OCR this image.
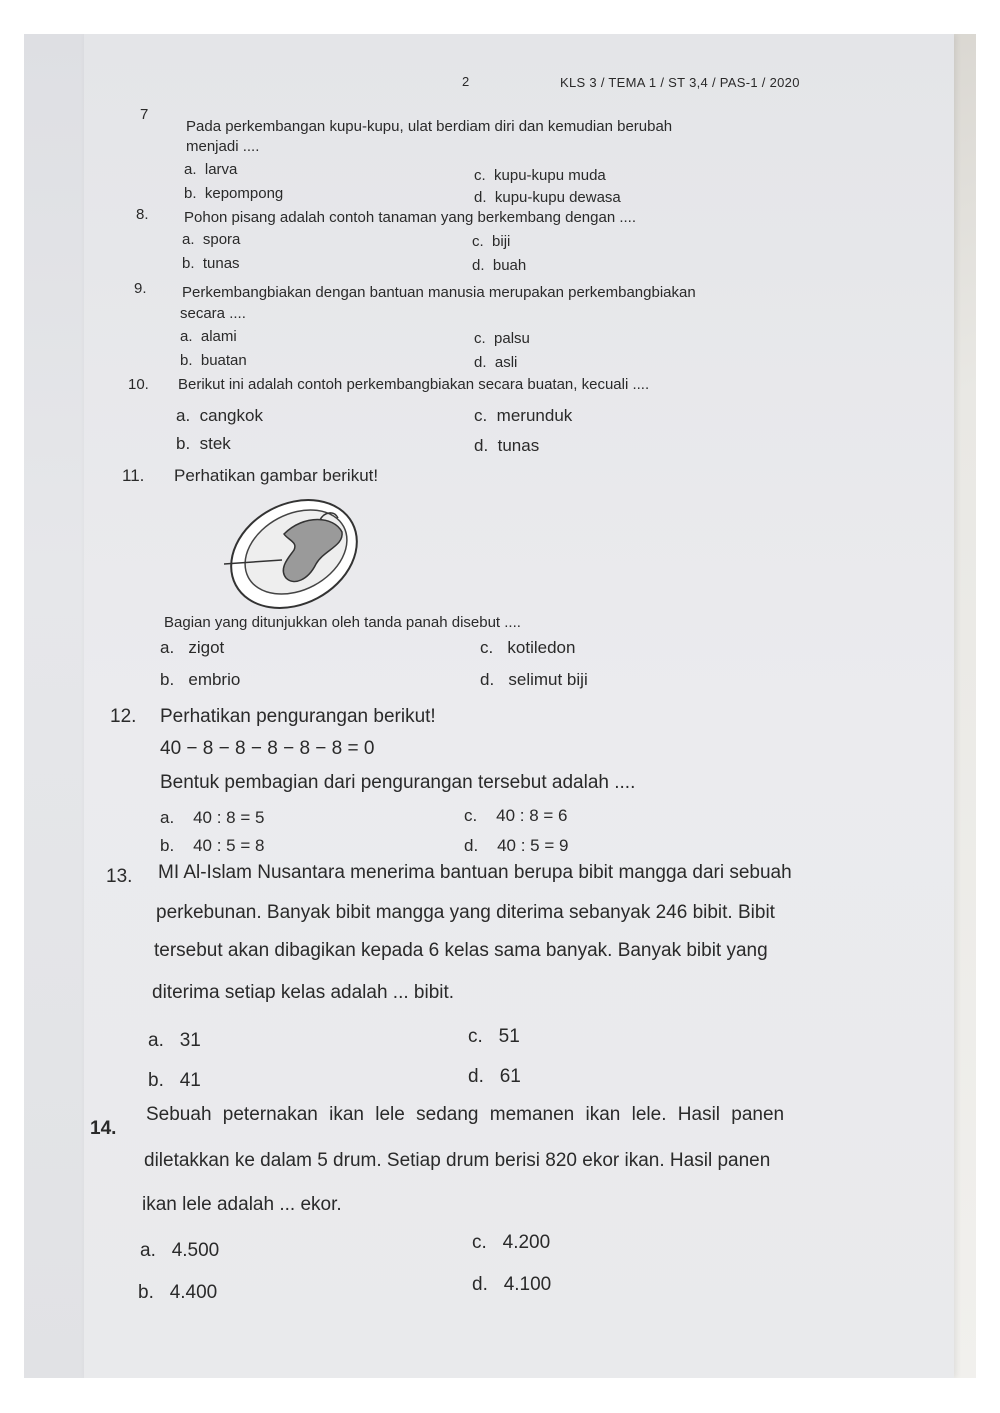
2	KLS 3 / TEMA 1 / ST 3,4 / PAS-1 / 2020
7
Pada perkembangan kupu-kupu, ulat berdiam diri dan kemudian berubah
menjadi ....
a.  larva
b.  kepompong
c.  kupu-kupu muda
d.  kupu-kupu dewasa
8. Pohon pisang adalah contoh tanaman yang berkembang dengan ....
a.  spora
b.  tunas
c.  biji
d.  buah
9. Perkembangbiakan dengan bantuan manusia merupakan perkembangbiakan
secara ....
a.  alami
b.  buatan
c.  palsu
d.  asli
10. Berikut ini adalah contoh perkembangbiakan secara buatan, kecuali ....
a.  cangkok
b.  stek
c.  merunduk
d.  tunas
11. Perhatikan gambar berikut!
Bagian yang ditunjukkan oleh tanda panah disebut ....
a.   zigot
b.   embrio
c.   kotiledon
d.   selimut biji
12. Perhatikan pengurangan berikut!
40 − 8 − 8 − 8 − 8 − 8 = 0
Bentuk pembagian dari pengurangan tersebut adalah ....
a.    40 : 8 = 5
b.    40 : 5 = 8
c.    40 : 8 = 6
d.    40 : 5 = 9
13. MI Al-Islam Nusantara menerima bantuan berupa bibit mangga dari sebuah
perkebunan. Banyak bibit mangga yang diterima sebanyak 246 bibit. Bibit
tersebut akan dibagikan kepada 6 kelas sama banyak. Banyak bibit yang
diterima setiap kelas adalah ... bibit.
a.   31
b.   41
c.   51
d.   61
14.
Sebuah peternakan ikan lele sedang memanen ikan lele. Hasil panen
diletakkan ke dalam 5 drum. Setiap drum berisi 820 ekor ikan. Hasil panen
ikan lele adalah ... ekor.
a.   4.500
b.   4.400
c.   4.200
d.   4.100
